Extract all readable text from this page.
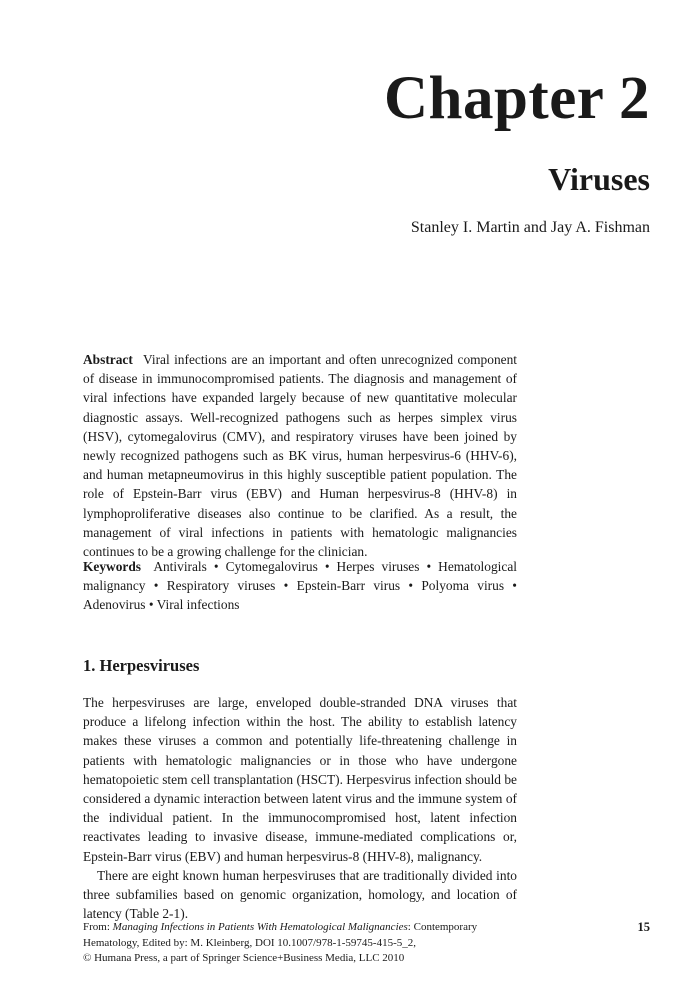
Chapter 2
Viruses
Stanley I. Martin and Jay A. Fishman
Abstract Viral infections are an important and often unrecognized component of disease in immunocompromised patients. The diagnosis and management of viral infections have expanded largely because of new quantitative molecular diagnostic assays. Well-recognized pathogens such as herpes simplex virus (HSV), cytomegalovirus (CMV), and respiratory viruses have been joined by newly recognized pathogens such as BK virus, human herpesvirus-6 (HHV-6), and human metapneumovirus in this highly susceptible patient population. The role of Epstein-Barr virus (EBV) and Human herpesvirus-8 (HHV-8) in lymphoproliferative diseases also continue to be clarified. As a result, the management of viral infections in patients with hematologic malignancies continues to be a growing challenge for the clinician.
Keywords Antivirals • Cytomegalovirus • Herpes viruses • Hematological malignancy • Respiratory viruses • Epstein-Barr virus • Polyoma virus • Adenovirus • Viral infections
1. Herpesviruses

The herpesviruses are large, enveloped double-stranded DNA viruses that produce a lifelong infection within the host. The ability to establish latency makes these viruses a common and potentially life-threatening challenge in patients with hematologic malignancies or in those who have undergone hematopoietic stem cell transplantation (HSCT). Herpesvirus infection should be considered a dynamic interaction between latent virus and the immune system of the individual patient. In the immunocompromised host, latent infection reactivates leading to invasive disease, immune-mediated complications or, Epstein-Barr virus (EBV) and human herpesvirus-8 (HHV-8), malignancy.

There are eight known human herpesviruses that are traditionally divided into three subfamilies based on genomic organization, homology, and location of latency (Table 2-1).

From: Managing Infections in Patients With Hematological Malignancies: Contemporary
Hematology, Edited by: M. Kleinberg, DOI 10.1007/978-1-59745-415-5_2,
© Humana Press, a part of Springer Science+Business Media, LLC 2010
15
